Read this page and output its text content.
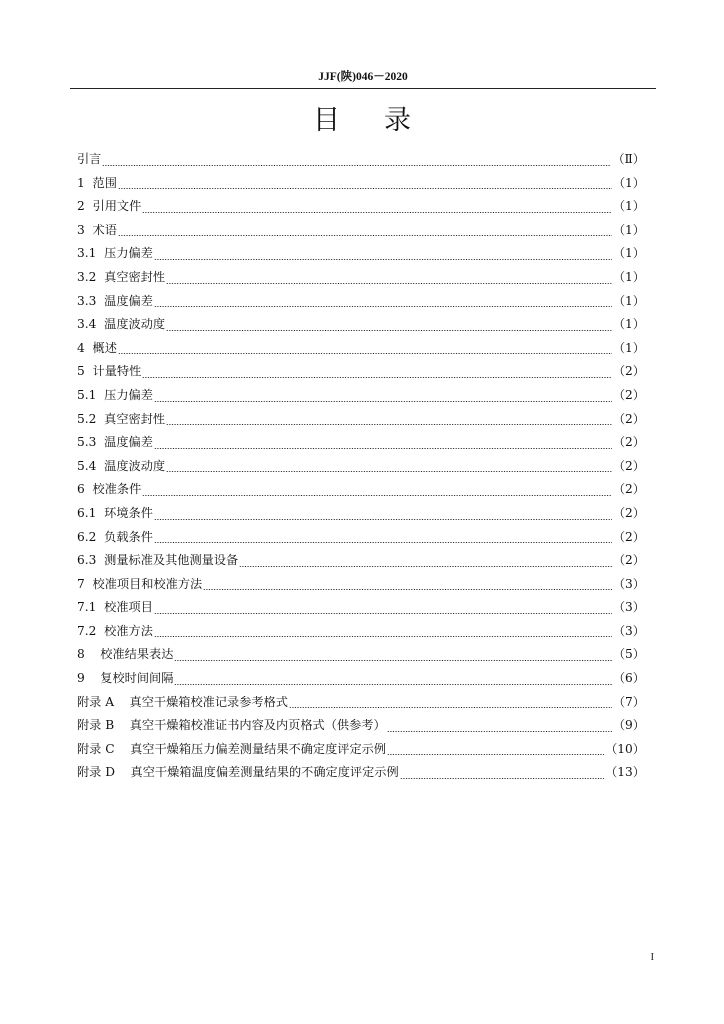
JJF(陕)046－2020
目录
引言	（Ⅱ）
1  范围	（1）
2  引用文件	（1）
3  术语	（1）
3.1  压力偏差	（1）
3.2  真空密封性	（1）
3.3  温度偏差	（1）
3.4  温度波动度	（1）
4  概述	（1）
5  计量特性	（2）
5.1  压力偏差	（2）
5.2  真空密封性	（2）
5.3  温度偏差	（2）
5.4  温度波动度	（2）
6  校准条件	（2）
6.1  环境条件	（2）
6.2  负载条件	（2）
6.3  测量标准及其他测量设备	（2）
7  校准项目和校准方法	（3）
7.1  校准项目	（3）
7.2  校准方法	（3）
8    校准结果表达	（5）
9    复校时间间隔	（6）
附录 A    真空干燥箱校准记录参考格式	（7）
附录 B    真空干燥箱校准证书内容及内页格式（供参考）	（9）
附录 C    真空干燥箱压力偏差测量结果不确定度评定示例	（10）
附录 D    真空干燥箱温度偏差测量结果的不确定度评定示例	（13）
I
